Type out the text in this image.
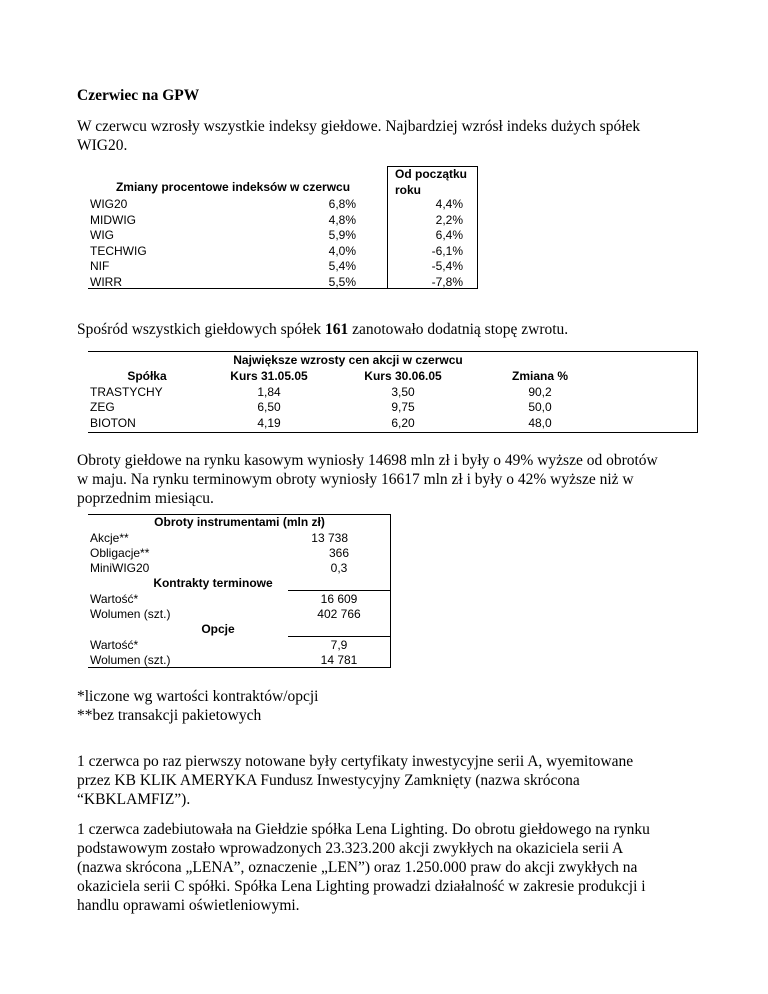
Czerwiec na GPW
W czerwcu wzrosły wszystkie indeksy giełdowe. Najbardziej wzrósł indeks dużych spółek
WIG20.
Zmiany procentowe indeksów w czerwcu
Od początku
roku
WIG20	6,8%	4,4%
MIDWIG	4,8%	2,2%
WIG	5,9%	6,4%
TECHWIG	4,0%	-6,1%
NIF	5,4%	-5,4%
WIRR	5,5%	-7,8%
Spośród wszystkich giełdowych spółek 161 zanotowało dodatnią stopę zwrotu.
Największe wzrosty cen akcji w czerwcu
Spółka	Kurs 31.05.05	Kurs 30.06.05	Zmiana %
TRASTYCHY	1,84	3,50	90,2
ZEG	6,50	9,75	50,0
BIOTON	4,19	6,20	48,0
Obroty giełdowe na rynku kasowym wyniosły 14698 mln zł i były o 49% wyższe od obrotów
w maju. Na rynku terminowym obroty wyniosły 16617 mln zł i były o 42% wyższe niż w
poprzednim miesiącu.
Obroty instrumentami (mln zł)
Akcje**	13 738
Obligacje**	366
MiniWIG20	0,3
Kontrakty terminowe
Wartość*	16 609
Wolumen (szt.)	402 766
Opcje
Wartość*	7,9
Wolumen (szt.)	14 781
*liczone wg wartości kontraktów/opcji
**bez transakcji pakietowych
1 czerwca po raz pierwszy notowane były certyfikaty inwestycyjne serii A, wyemitowane
przez KB KLIK AMERYKA Fundusz Inwestycyjny Zamknięty (nazwa skrócona
“KBKLAMFIZ”).
1 czerwca zadebiutowała na Giełdzie spółka Lena Lighting. Do obrotu giełdowego na rynku
podstawowym zostało wprowadzonych 23.323.200 akcji zwykłych na okaziciela serii A
(nazwa skrócona „LENA”, oznaczenie „LEN”) oraz 1.250.000 praw do akcji zwykłych na
okaziciela serii C spółki. Spółka Lena Lighting prowadzi działalność w zakresie produkcji i
handlu oprawami oświetleniowymi.
